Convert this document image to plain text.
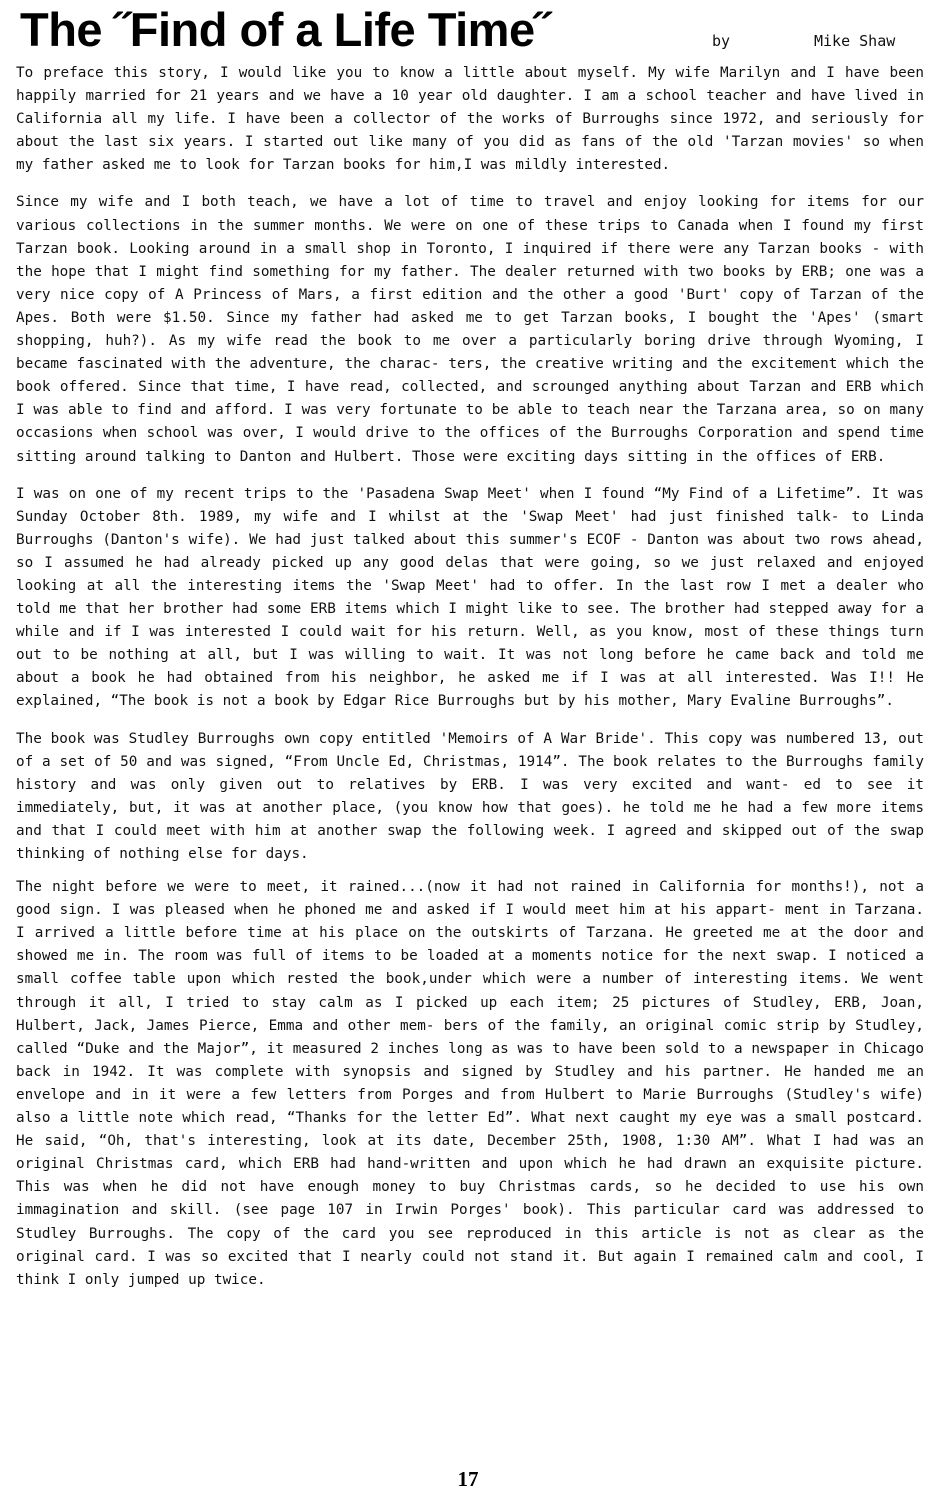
The ˝Find of a Life Time˝	by	Mike Shaw

To preface this story, I would like you to know a little about myself. My wife Marilyn and I have been happily married for 21 years and we have a 10 year old daughter. I am a school teacher and have lived in California all my life. I have been a collector of the works of Burroughs since 1972, and seriously for about the last six years. I started out like many of you did as fans of the old 'Tarzan movies' so when my father asked me to look for Tarzan books for him,I was mildly interested.

Since my wife and I both teach, we have a lot of time to travel and enjoy looking for items for our various collections in the summer months. We were on one of these trips to Canada when I found my first Tarzan book. Looking around in a small shop in Toronto, I inquired if there were any Tarzan books - with the hope that I might find something for my father. The dealer returned with two books by ERB; one was a very nice copy of A Princess of Mars, a first edition and the other a good 'Burt' copy of Tarzan of the Apes. Both were $1.50. Since my father had asked me to get Tarzan books, I bought the 'Apes' (smart shopping, huh?). As my wife read the book to me over a particularly boring drive through Wyoming, I became fascinated with the adventure, the charac- ters, the creative writing and the excitement which the book offered. Since that time, I have read, collected, and scrounged anything about Tarzan and ERB which I was able to find and afford. I was very fortunate to be able to teach near the Tarzana area, so on many occasions when school was over, I would drive to the offices of the Burroughs Corporation and spend time sitting around talking to Danton and Hulbert. Those were exciting days sitting in the offices of ERB.

I was on one of my recent trips to the 'Pasadena Swap Meet' when I found “My Find of a Lifetime”. It was Sunday October 8th. 1989, my wife and I whilst at the 'Swap Meet' had just finished talk- to Linda Burroughs (Danton's wife). We had just talked about this summer's ECOF - Danton was about two rows ahead, so I assumed he had already picked up any good delas that were going, so we just relaxed and enjoyed looking at all the interesting items the 'Swap Meet' had to offer. In the last row I met a dealer who told me that her brother had some ERB items which I might like to see. The brother had stepped away for a while and if I was interested I could wait for his return. Well, as you know, most of these things turn out to be nothing at all, but I was willing to wait. It was not long before he came back and told me about a book he had obtained from his neighbor, he asked me if I was at all interested. Was I!! He explained, “The book is not a book by Edgar Rice Burroughs but by his mother, Mary Evaline Burroughs”.

The book was Studley Burroughs own copy entitled 'Memoirs of A War Bride'. This copy was numbered 13, out of a set of 50 and was signed, “From Uncle Ed, Christmas, 1914”. The book relates to the Burroughs family history and was only given out to relatives by ERB. I was very excited and want- ed to see it immediately, but, it was at another place, (you know how that goes). he told me he had a few more items and that I could meet with him at another swap the following week. I agreed and skipped out of the swap thinking of nothing else for days.

The night before we were to meet, it rained...(now it had not rained in California for months!), not a good sign. I was pleased when he phoned me and asked if I would meet him at his appart- ment in Tarzana. I arrived a little before time at his place on the outskirts of Tarzana. He greeted me at the door and showed me in. The room was full of items to be loaded at a moments notice for the next swap. I noticed a small coffee table upon which rested the book,under which were a number of interesting items. We went through it all, I tried to stay calm as I picked up each item; 25 pictures of Studley, ERB, Joan, Hulbert, Jack, James Pierce, Emma and other mem- bers of the family, an original comic strip by Studley, called “Duke and the Major”, it measured 2 inches long as was to have been sold to a newspaper in Chicago back in 1942. It was complete with synopsis and signed by Studley and his partner. He handed me an envelope and in it were a few letters from Porges and from Hulbert to Marie Burroughs (Studley's wife) also a little note which read, “Thanks for the letter Ed”. What next caught my eye was a small postcard. He said, “Oh, that's interesting, look at its date, December 25th, 1908, 1:30 AM”. What I had was an original Christmas card, which ERB had hand-written and upon which he had drawn an exquisite picture. This was when he did not have enough money to buy Christmas cards, so he decided to use his own immagination and skill. (see page 107 in Irwin Porges' book). This particular card was addressed to Studley Burroughs. The copy of the card you see reproduced in this article is not as clear as the original card. I was so excited that I nearly could not stand it. But again I remained calm and cool, I think I only jumped up twice.

17
